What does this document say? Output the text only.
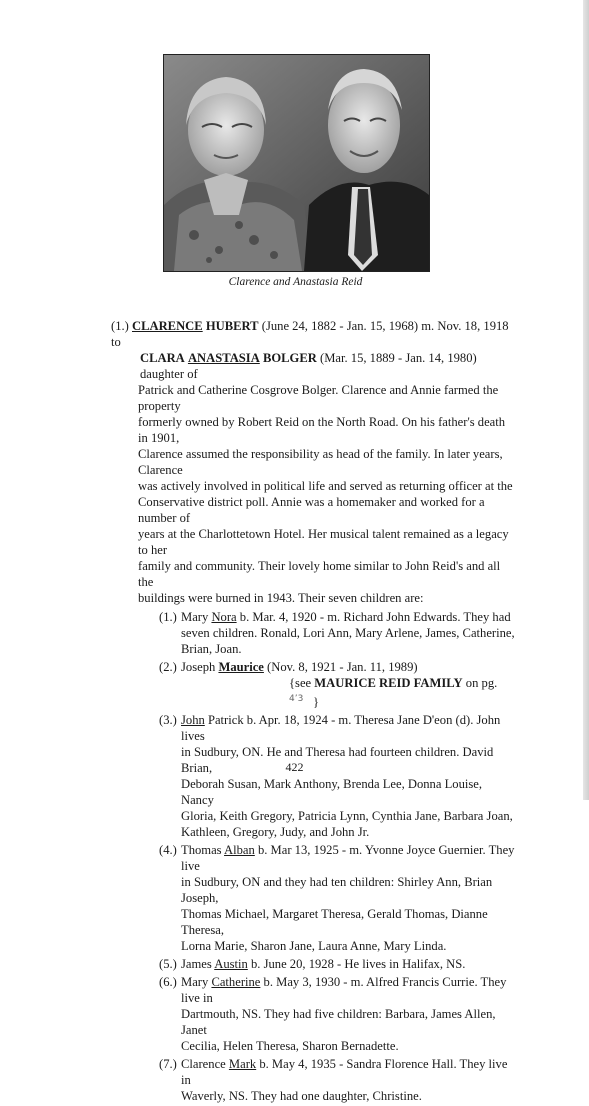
Clarence and Anastasia Reid

(1.) CLARENCE HUBERT (June 24, 1882 - Jan. 15, 1968) m. Nov. 18, 1918 to
CLARA ANASTASIA BOLGER (Mar. 15, 1889 - Jan. 14, 1980) daughter of

Patrick and Catherine Cosgrove Bolger. Clarence and Annie farmed the property
formerly owned by Robert Reid on the North Road. On his father's death in 1901,
Clarence assumed the responsibility as head of the family. In later years, Clarence
was actively involved in political life and served as returning officer at the
Conservative district poll. Annie was a homemaker and worked for a number of
years at the Charlottetown Hotel. Her musical talent remained as a legacy to her
family and community. Their lovely home similar to John Reid's and all the
buildings were burned in 1943. Their seven children are:
(1.) Mary Nora b. Mar. 4, 1920 - m. Richard John Edwards. They had
seven children. Ronald, Lori Ann, Mary Arlene, James, Catherine,
Brian, Joan.
(2.) Joseph Maurice (Nov. 8, 1921 - Jan. 11, 1989)
{see MAURICE REID FAMILY on pg. 4’3 }
(3.) John Patrick b. Apr. 18, 1924 - m. Theresa Jane D'eon (d). John lives
in Sudbury, ON. He and Theresa had fourteen children. David Brian,
Deborah Susan, Mark Anthony, Brenda Lee, Donna Louise, Nancy
Gloria, Keith Gregory, Patricia Lynn, Cynthia Jane, Barbara Joan,
Kathleen, Gregory, Judy, and John Jr.
(4.) Thomas Alban b. Mar 13, 1925 - m. Yvonne Joyce Guernier. They live
in Sudbury, ON and they had ten children: Shirley Ann, Brian Joseph,
Thomas Michael, Margaret Theresa, Gerald Thomas, Dianne Theresa,
Lorna Marie, Sharon Jane, Laura Anne, Mary Linda.
(5.) James Austin b. June 20, 1928 - He lives in Halifax, NS.
(6.) Mary Catherine b. May 3, 1930 - m. Alfred Francis Currie. They live in
Dartmouth, NS. They had five children: Barbara, James Allen, Janet
Cecilia, Helen Theresa, Sharon Bernadette.
(7.) Clarence Mark b. May 4, 1935 - Sandra Florence Hall. They live in
Waverly, NS. They had one daughter, Christine.
422
